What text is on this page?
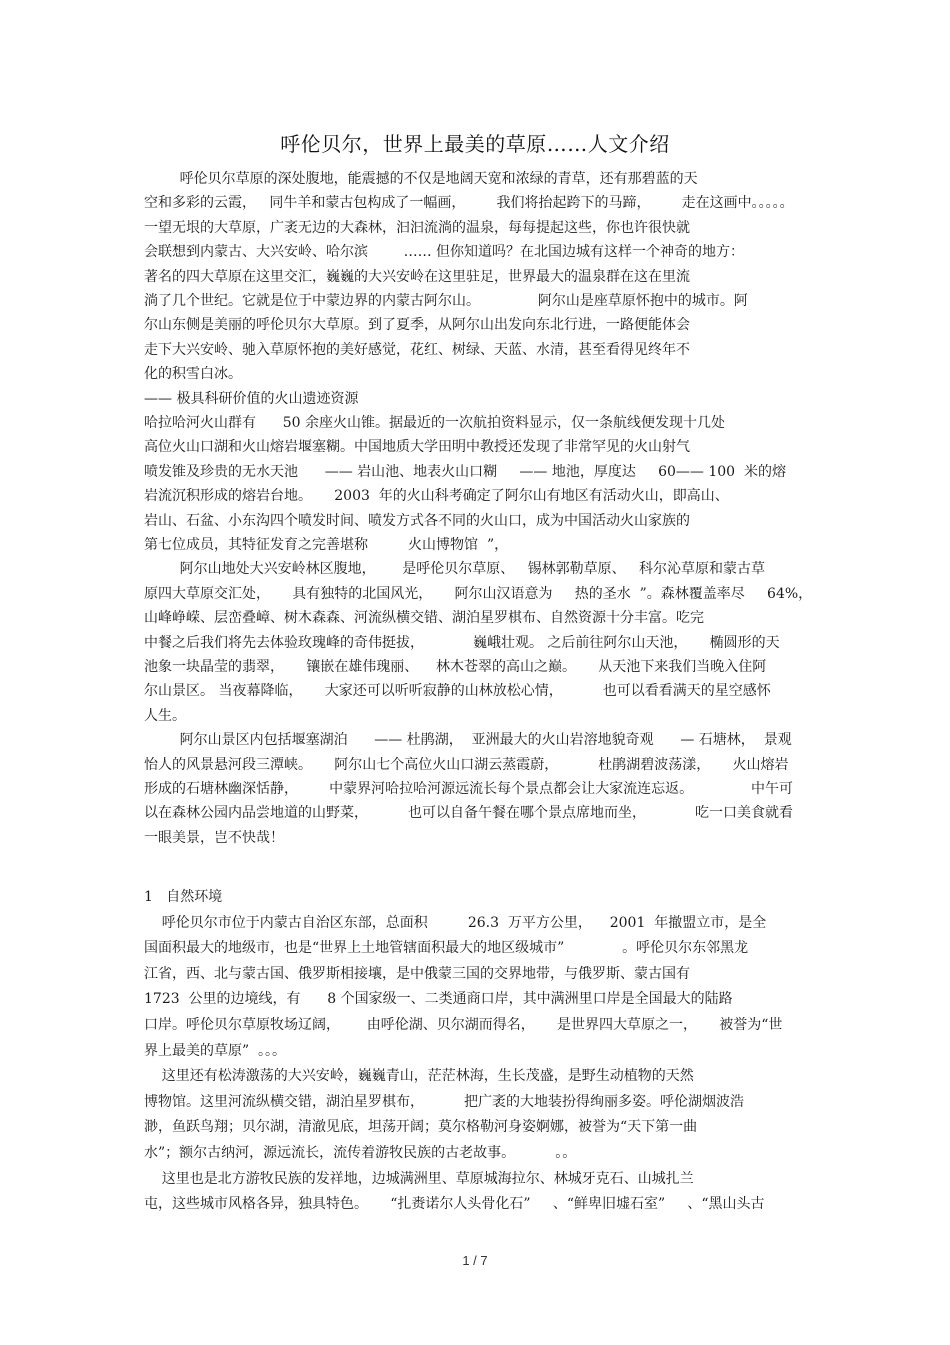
呼伦贝尔，世界上最美的草原……人文介绍
呼伦贝尔草原的深处腹地，能震撼的不仅是地阔天宽和浓绿的青草，还有那碧蓝的天
空和多彩的云霞，   同牛羊和蒙古包构成了一幅画，       我们将抬起跨下的马蹄，       走在这画中。。。。。
一望无垠的大草原，广袤无边的大森林，汩汩流淌的温泉，每每提起这些，你也许很快就
会联想到内蒙古、大兴安岭、哈尔滨        …… 但你知道吗？在北国边城有这样一个神奇的地方：
著名的四大草原在这里交汇，巍巍的大兴安岭在这里驻足，世界最大的温泉群在这在里流
淌了几个世纪。它就是位于中蒙边界的内蒙古阿尔山。             阿尔山是座草原怀抱中的城市。阿
尔山东侧是美丽的呼伦贝尔大草原。到了夏季，从阿尔山出发向东北行进，一路便能体会
走下大兴安岭、驰入草原怀抱的美好感觉，花红、树绿、天蓝、水清，甚至看得见终年不
化的积雪白冰。
—— 极具科研价值的火山遗迹资源
哈拉哈河火山群有      50 余座火山锥。据最近的一次航拍资料显示，仅一条航线便发现十几处
高位火山口湖和火山熔岩堰塞糊。中国地质大学田明中教授还发现了非常罕见的火山射气
喷发锥及珍贵的无水天池      —— 岩山池、地表火山口糊     —— 地池，厚度达     60—— 100  米的熔
岩流沉积形成的熔岩台地。     2003  年的火山科考确定了阿尔山有地区有活动火山，即高山、
岩山、石盆、小东沟四个喷发时间、喷发方式各不同的火山口，成为中国活动火山家族的
第七位成员，其特征发育之完善堪称         火山博物馆  ”，
阿尔山地处大兴安岭林区腹地，      是呼伦贝尔草原、   锡林郭勒草原、   科尔沁草原和蒙古草
原四大草原交汇处，     具有独特的北国风光，     阿尔山汉语意为     热的圣水  ”。森林覆盖率尽     64%，
山峰峥嵘、层峦叠嶂、树木森森、河流纵横交错、湖泊星罗棋布、自然资源十分丰富。吃完
中餐之后我们将先去体验玫瑰峰的奇伟挺拔，           巍峨壮观。 之后前往阿尔山天池，     椭圆形的天
池象一块晶莹的翡翠，     镶嵌在雄伟瑰丽、    林木苍翠的高山之巅。     从天池下来我们当晚入住阿
尔山景区。 当夜幕降临，     大家还可以听听寂静的山林放松心情，         也可以看看满天的星空感怀
人生。
阿尔山景区内包括堰塞湖泊      —— 杜鹃湖，  亚洲最大的火山岩溶地貌奇观      — 石塘林，  景观
怡人的风景悬河段三潭峡。     阿尔山七个高位火山口湖云蒸霞蔚，         杜鹃湖碧波荡漾，     火山熔岩
形成的石塘林幽深恬静，       中蒙界河哈拉哈河源远流长每个景点都会让大家流连忘返。             中午可
以在森林公园内品尝地道的山野菜，         也可以自备午餐在哪个景点席地而坐，           吃一口美食就看
一眼美景，岂不快哉！
1   自然环境
呼伦贝尔市位于内蒙古自治区东部，总面积         26.3  万平方公里，    2001  年撤盟立市，是全
国面积最大的地级市，也是“世界上土地管辖面积最大的地区级城市”             。呼伦贝尔东邻黑龙
江省，西、北与蒙古国、俄罗斯相接壤，是中俄蒙三国的交界地带，与俄罗斯、蒙古国有
1723  公里的边境线，有      8 个国家级一、二类通商口岸，其中满洲里口岸是全国最大的陆路
口岸。呼伦贝尔草原牧场辽阔，      由呼伦湖、贝尔湖而得名，     是世界四大草原之一，     被誉为“世
界上最美的草原”  。。。
这里还有松涛激荡的大兴安岭，巍巍青山，茫茫林海，生长茂盛，是野生动植物的天然
博物馆。这里河流纵横交错，湖泊星罗棋布，         把广袤的大地装扮得绚丽多姿。呼伦湖烟波浩
渺，鱼跃鸟翔；贝尔湖，清澈见底，坦荡开阔；莫尔格勒河身姿婀娜，被誉为“天下第一曲
水”；额尔古纳河，源远流长，流传着游牧民族的古老故事。         。。
这里也是北方游牧民族的发祥地，边城满洲里、草原城海拉尔、林城牙克石、山城扎兰
屯，这些城市风格各异，独具特色。     “扎赉诺尔人头骨化石”     、“鲜卑旧墟石室”     、“黑山头古
1 / 7
